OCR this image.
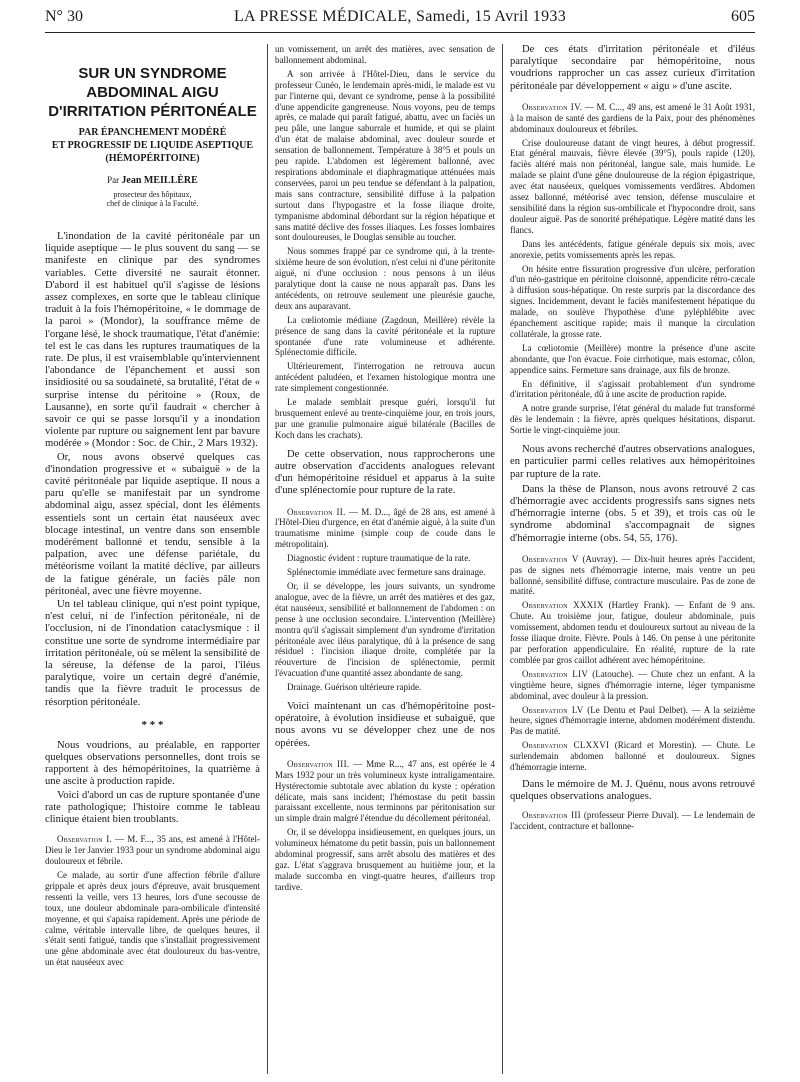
N° 30	LA PRESSE MÉDICALE, Samedi, 15 Avril 1933	605
SUR UN SYNDROME
ABDOMINAL AIGU
D'IRRITATION PÉRITONÉALE
PAR ÉPANCHEMENT MODÉRÉ
ET PROGRESSIF DE LIQUIDE ASEPTIQUE
(HÉMOPÉRITOINE)
Par Jean MEILLÈRE
prosecteur des hôpitaux,
chef de clinique à la Faculté.

L'inondation de la cavité péritonéale par un liquide aseptique — le plus souvent du sang — se manifeste en clinique par des syndromes variables. Cette diversité ne saurait étonner. D'abord il est habituel qu'il s'agisse de lésions assez complexes, en sorte que le tableau clinique traduit à la fois l'hémopéritoine, « le dommage de la paroi » (Mondor), la souffrance même de l'organe lésé, le shock traumatique, l'état d'anémie: tel est le cas dans les ruptures traumatiques de la rate. De plus, il est vraisemblable qu'interviennent l'abondance de l'épanchement et aussi son insidiosité ou sa soudaineté, sa brutalité, l'état de « surprise intense du péritoine » (Roux, de Lausanne), en sorte qu'il faudrait « chercher à savoir ce qui se passe lorsqu'il y a inondation violente par rupture ou saignement lent par bavure modérée » (Mondor : Soc. de Chir., 2 Mars 1932).

Or, nous avons observé quelques cas d'inondation progressive et « subaiguë » de la cavité péritonéale par liquide aseptique. Il nous a paru qu'elle se manifestait par un syndrome abdominal aigu, assez spécial, dont les éléments essentiels sont un certain état nauséeux avec blocage intestinal, un ventre dans son ensemble modérément ballonné et tendu, sensible à la palpation, avec une défense pariétale, du météorisme voilant la matité déclive, par ailleurs de la fatigue générale, un faciès pâle non péritonéal, avec une fièvre moyenne.

Un tel tableau clinique, qui n'est point typique, n'est celui, ni de l'infection péritonéale, ni de l'occlusion, ni de l'inondation cataclysmique : il constitue une sorte de syndrome intermédiaire par irritation péritonéale, où se mêlent la sensibilité de la séreuse, la défense de la paroi, l'iléus paralytique, voire un certain degré d'anémie, tandis que la fièvre traduit le processus de résorption péritonéale.

* * *

Nous voudrions, au préalable, en rapporter quelques observations personnelles, dont trois se rapportent à des hémopéritoines, la quatrième à une ascite à production rapide.

Voici d'abord un cas de rupture spontanée d'une rate pathologique; l'histoire comme le tableau clinique étaient bien troublants.

Observation I. — M. F..., 35 ans, est amené à l'Hôtel-Dieu le 1er Janvier 1933 pour un syndrome abdominal aigu douloureux et fébrile.

Ce malade, au sortir d'une affection fébrile d'allure grippale et après deux jours d'épreuve, avait brusquement ressenti la veille, vers 13 heures, lors d'une secousse de toux, une douleur abdominale para-ombilicale d'intensité moyenne, et qui s'apaisa rapidement. Après une période de calme, véritable intervalle libre, de quelques heures, il s'était senti fatigué, tandis que s'installait progressivement une gêne abdominale avec état douloureux du bas-ventre, un état nauséeux avec

un vomissement, un arrêt des matières, avec sensation de ballonnement abdominal.

A son arrivée à l'Hôtel-Dieu, dans le service du professeur Cunéo, le lendemain après-midi, le malade est vu par l'interne qui, devant ce syndrome, pense à la possibilité d'une appendicite gangreneuse. Nous voyons, peu de temps après, ce malade qui paraît fatigué, abattu, avec un faciès un peu pâle, une langue saburrale et humide, et qui se plaint d'un état de malaise abdominal, avec douleur sourde et sensation de ballonnement. Température à 38°5 et pouls un peu rapide. L'abdomen est légèrement ballonné, avec respirations abdominale et diaphragmatique atténuées mais conservées, paroi un peu tendue se défendant à la palpation, mais sans contracture, sensibilité diffuse à la palpation surtout dans l'hypogastre et la fosse iliaque droite, tympanisme abdominal débordant sur la région hépatique et sans matité déclive des fosses iliaques. Les fosses lombaires sont douloureuses, le Douglas sensible au toucher.

Nous sommes frappé par ce syndrome qui, à la trente-sixième heure de son évolution, n'est celui ni d'une péritonite aiguë, ni d'une occlusion : nous pensons à un iléus paralytique dont la cause ne nous apparaît pas. Dans les antécédents, on retrouve seulement une pleurésie gauche, deux ans auparavant.

La cœliotomie médiane (Zagdoun, Meillère) révèle la présence de sang dans la cavité péritonéale et la rupture spontanée d'une rate volumineuse et adhérente. Splénectomie difficile.

Ultérieurement, l'interrogation ne retrouva aucun antécédent paludéen, et l'examen histologique montra une rate simplement congestionnée.

Le malade semblait presque guéri, lorsqu'il fut brusquement enlevé au trente-cinquième jour, en trois jours, par une granulie pulmonaire aiguë bilatérale (Bacilles de Koch dans les crachats).

De cette observation, nous rapprocherons une autre observation d'accidents analogues relevant d'un hémopéritoine résiduel et apparus à la suite d'une splénectomie pour rupture de la rate.

Observation II. — M. D..., âgé de 28 ans, est amené à l'Hôtel-Dieu d'urgence, en état d'anémie aiguë, à la suite d'un traumatisme minime (simple coup de coude dans le métropolitain).

Diagnostic évident : rupture traumatique de la rate.

Splénectomie immédiate avec fermeture sans drainage.

Or, il se développe, les jours suivants, un syndrome analogue, avec de la fièvre, un arrêt des matières et des gaz, état nauséeux, sensibilité et ballonnement de l'abdomen : on pense à une occlusion secondaire. L'intervention (Meillère) montra qu'il s'agissait simplement d'un syndrome d'irritation péritonéale avec iléus paralytique, dû à la présence de sang résiduel : l'incision iliaque droite, complétée par la réouverture de l'incision de splénectomie, permit l'évacuation d'une quantité assez abondante de sang.

Drainage. Guérison ultérieure rapide.

Voici maintenant un cas d'hémopéritoine post-opératoire, à évolution insidieuse et subaiguë, que nous avons vu se développer chez une de nos opérées.

Observation III. — Mme R..., 47 ans, est opérée le 4 Mars 1932 pour un très volumineux kyste intraligamentaire. Hystérectomie subtotale avec ablation du kyste : opération délicate, mais sans incident; l'hémostase du petit bassin paraissant excellente, nous terminons par péritonisation sur un simple drain malgré l'étendue du décollement péritonéal.

Or, il se développa insidieusement, en quelques jours, un volumineux hématome du petit bassin, puis un ballonnement abdominal progressif, sans arrêt absolu des matières et des gaz. L'état s'aggrava brusquement au huitième jour, et la malade succomba en vingt-quatre heures, d'ailleurs trop tardive.

De ces états d'irritation péritonéale et d'iléus paralytique secondaire par hémopéritoine, nous voudrions rapprocher un cas assez curieux d'irritation péritonéale par développement « aigu » d'une ascite.

Observation IV. — M. C..., 49 ans, est amené le 31 Août 1931, à la maison de santé des gardiens de la Paix, pour des phénomènes abdominaux douloureux et fébriles.

Crise douloureuse datant de vingt heures, à début progressif. Etat général mauvais, fièvre élevée (39°5), pouls rapide (120), faciès altéré mais non péritonéal, langue sale, mais humide. Le malade se plaint d'une gêne douloureuse de la région épigastrique, avec état nauséeux, quelques vomissements verdâtres. Abdomen assez ballonné, météorisé avec tension, défense musculaire et sensibilité dans la région sus-ombilicale et l'hypocondre droit, sans douleur aiguë. Pas de sonorité préhépatique. Légère matité dans les flancs.

Dans les antécédents, fatigue générale depuis six mois, avec anorexie, petits vomissements après les repas.

On hésite entre fissuration progressive d'un ulcère, perforation d'un néo-gastrique en péritoine cloisonné, appendicite rétro-cæcale à diffusion sous-hépatique. On reste surpris par la discordance des signes. Incidemment, devant le faciès manifestement hépatique du malade, on soulève l'hypothèse d'une pyléphlébite avec épanchement ascitique rapide; mais il manque la circulation collatérale, la grosse rate.

La cœliotomie (Meillère) montre la présence d'une ascite abondante, que l'on évacue. Foie cirrhotique, mais estomac, côlon, appendice sains. Fermeture sans drainage, aux fils de bronze.

En définitive, il s'agissait probablement d'un syndrome d'irritation péritonéale, dû à une ascite de production rapide.

A notre grande surprise, l'état général du malade fut transformé dès le lendemain : la fièvre, après quelques hésitations, disparut. Sortie le vingt-cinquième jour.

Nous avons recherché d'autres observations analogues, en particulier parmi celles relatives aux hémopéritoines par rupture de la rate.

Dans la thèse de Planson, nous avons retrouvé 2 cas d'hémorragie avec accidents progressifs sans signes nets d'hémorragie interne (obs. 5 et 39), et trois cas où le syndrome abdominal s'accompagnait de signes d'hémorragie interne (obs. 54, 55, 176).

Observation V (Auvray). — Dix-huit heures après l'accident, pas de signes nets d'hémorragie interne, mais ventre un peu ballonné, sensibilité diffuse, contracture musculaire. Pas de zone de matité.

Observation XXXIX (Hartley Frank). — Enfant de 9 ans. Chute. Au troisième jour, fatigue, douleur abdominale, puis vomissement, abdomen tendu et douloureux surtout au niveau de la fosse iliaque droite. Fièvre. Pouls à 146. On pense à une péritonite par perforation appendiculaire. En réalité, rupture de la rate comblée par gros caillot adhérent avec hémopéritoine.

Observation LIV (Latouche). — Chute chez un enfant. A la vingtième heure, signes d'hémorragie interne, léger tympanisme abdominal, avec douleur à la pression.

Observation LV (Le Dentu et Paul Delbet). — A la seizième heure, signes d'hémorragie interne, abdomen modérément distendu. Pas de matité.

Observation CLXXVI (Ricard et Morestin). — Chute. Le surlendemain abdomen ballonné et douloureux. Signes d'hémorragie interne.

Dans le mémoire de M. J. Quénu, nous avons retrouvé quelques observations analogues.

Observation III (professeur Pierre Duval). — Le lendemain de l'accident, contracture et ballonne-
